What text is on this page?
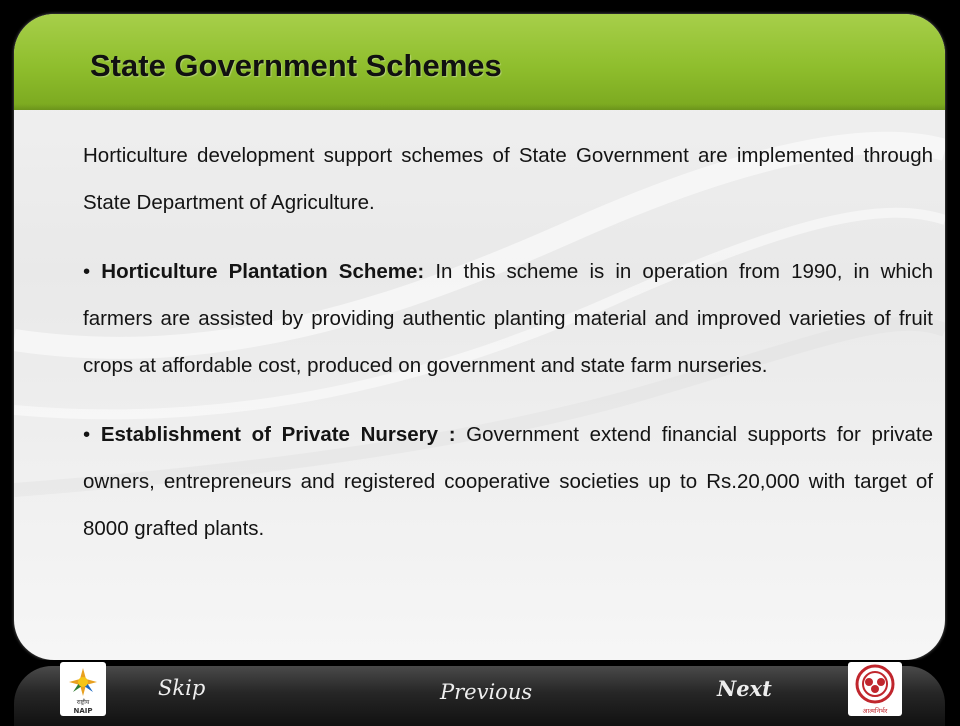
State Government Schemes

Horticulture development support schemes of State Government are implemented through State Department of Agriculture.

• Horticulture Plantation Scheme: In this scheme is in operation from 1990, in which farmers are assisted by providing authentic planting material and improved varieties of fruit crops at affordable cost, produced on government and state farm nurseries.

• Establishment of Private Nursery : Government extend financial supports for private owners, entrepreneurs and registered cooperative societies up to Rs.20,000 with target of 8000 grafted plants.

राष्ट्रीय
NAIP
Skip	Previous	Next
आत्मनिर्भर
